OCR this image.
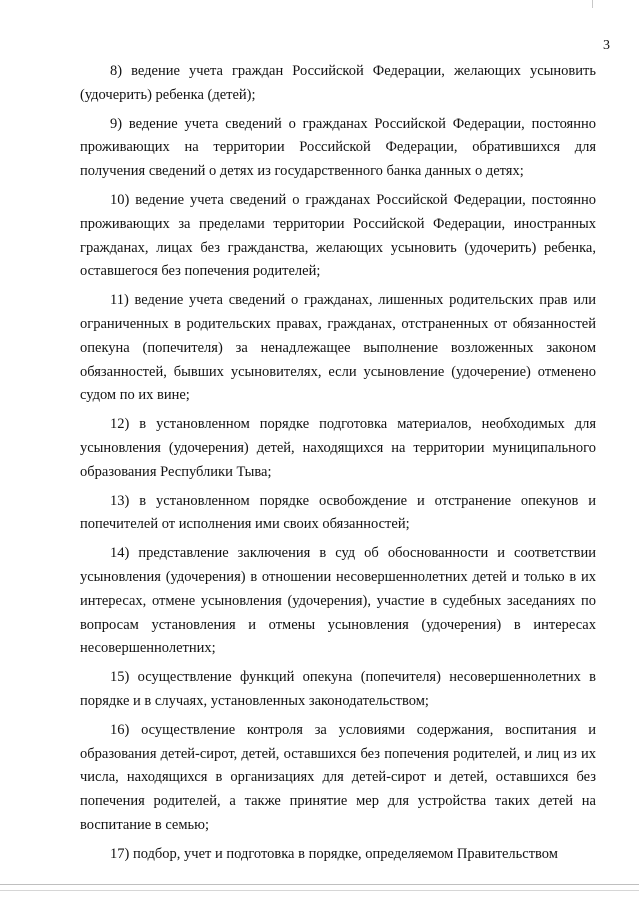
3

8) ведение учета граждан Российской Федерации, желающих усыновить (удочерить) ребенка (детей);

9) ведение учета сведений о гражданах Российской Федерации, постоянно проживающих на территории Российской Федерации, обратившихся для получения сведений о детях из государственного банка данных о детях;

10) ведение учета сведений о гражданах Российской Федерации, постоянно проживающих за пределами территории Российской Федерации, иностранных гражданах, лицах без гражданства, желающих усыновить (удочерить) ребенка, оставшегося без попечения родителей;

11) ведение учета сведений о гражданах, лишенных родительских прав или ограниченных в родительских правах, гражданах, отстраненных от обязанностей опекуна (попечителя) за ненадлежащее выполнение возложенных законом обязанностей, бывших усыновителях, если усыновление (удочерение) отменено судом по их вине;

12) в установленном порядке подготовка материалов, необходимых для усыновления (удочерения) детей, находящихся на территории муниципального образования Республики Тыва;

13) в установленном порядке освобождение и отстранение опекунов и попечителей от исполнения ими своих обязанностей;

14) представление заключения в суд об обоснованности и соответствии усыновления (удочерения) в отношении несовершеннолетних детей и только в их интересах, отмене усыновления (удочерения), участие в судебных заседаниях по вопросам установления и отмены усыновления (удочерения) в интересах несовершеннолетних;

15) осуществление функций опекуна (попечителя) несовершеннолетних в порядке и в случаях, установленных законодательством;

16) осуществление контроля за условиями содержания, воспитания и образования детей-сирот, детей, оставшихся без попечения родителей, и лиц из их числа, находящихся в организациях для детей-сирот и детей, оставшихся без попечения родителей, а также принятие мер для устройства таких детей на воспитание в семью;

17) подбор, учет и подготовка в порядке, определяемом Правительством
